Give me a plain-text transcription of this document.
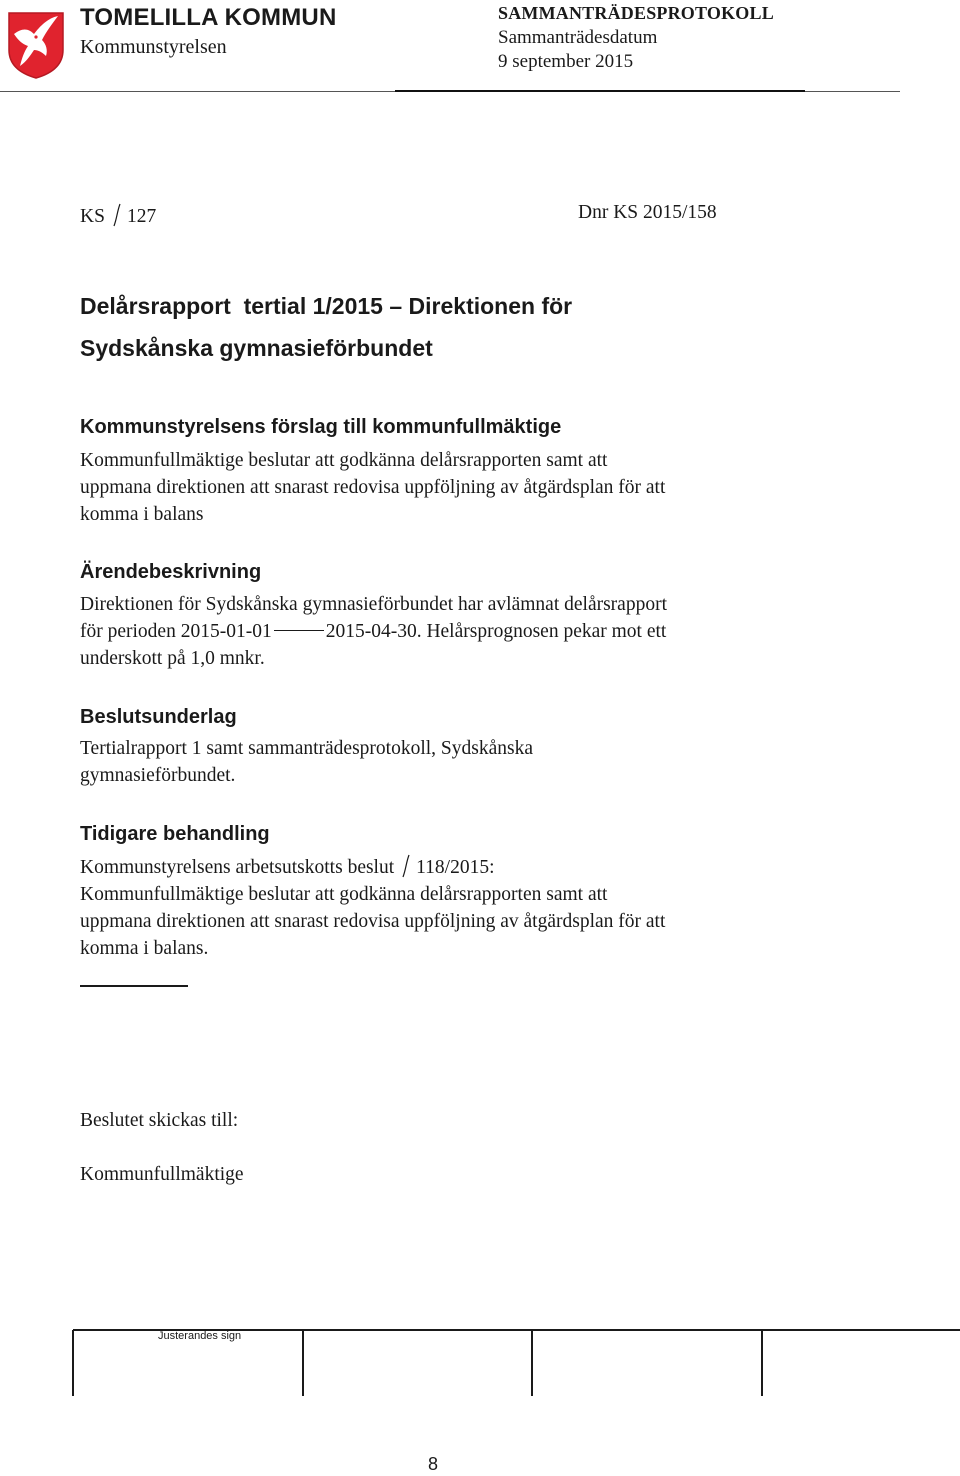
TOMELILLA KOMMUN
Kommunstyrelsen
SAMMANTRÄDESPROTOKOLL
Sammanträdesdatum
9 september 2015
KS 127	Dnr KS 2015/158
Delårsrapport  tertial 1/2015 – Direktionen för
Sydskånska gymnasieförbundet
Kommunstyrelsens förslag till kommunfullmäktige
Kommunfullmäktige beslutar att godkänna delårsrapporten samt att
uppmana direktionen att snarast redovisa uppföljning av åtgärdsplan för att
komma i balans
Ärendebeskrivning
Direktionen för Sydskånska gymnasieförbundet har avlämnat delårsrapport
för perioden 2015-01-01	2015-04-30. Helårsprognosen pekar mot ett
underskott på 1,0 mnkr.
Beslutsunderlag
Tertialrapport 1 samt sammanträdesprotokoll, Sydskånska
gymnasieförbundet.
Tidigare behandling
Kommunstyrelsens arbetsutskotts beslut 118/2015:
Kommunfullmäktige beslutar att godkänna delårsrapporten samt att
uppmana direktionen att snarast redovisa uppföljning av åtgärdsplan för att
komma i balans.
Beslutet skickas till:
Kommunfullmäktige
Justerandes sign
8
